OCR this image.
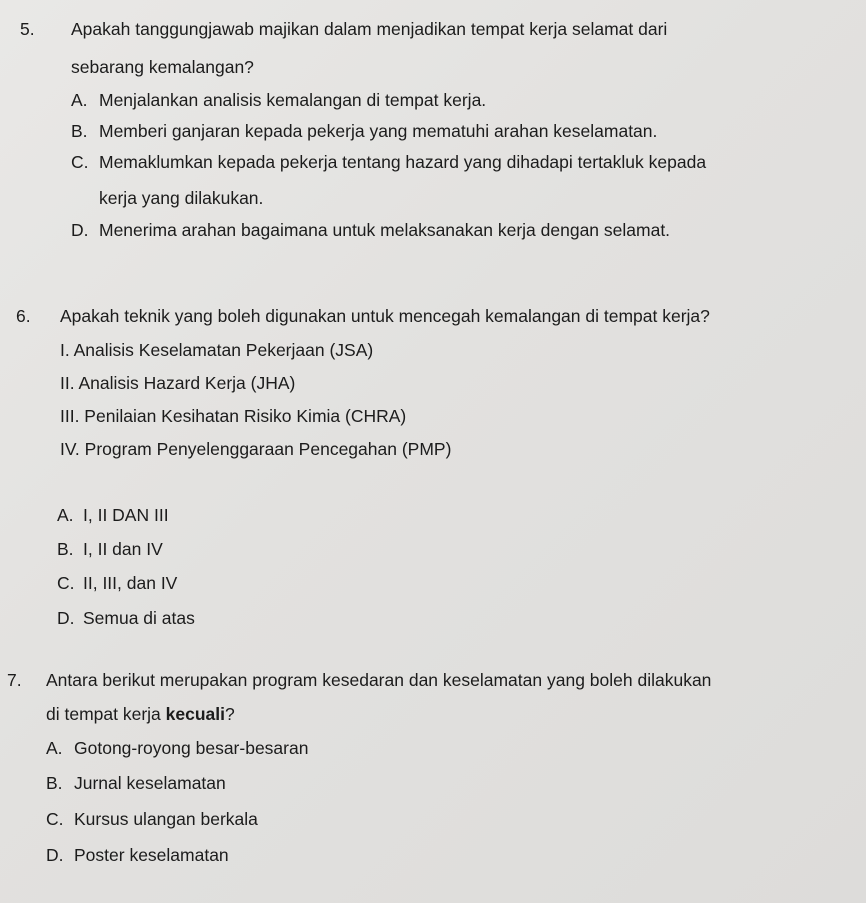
5. Apakah tanggungjawab majikan dalam menjadikan tempat kerja selamat dari
sebarang kemalangan?
A. Menjalankan analisis kemalangan di tempat kerja.
B. Memberi ganjaran kepada pekerja yang mematuhi arahan keselamatan.
C. Memaklumkan kepada pekerja tentang hazard yang dihadapi tertakluk kepada
kerja yang dilakukan.
D. Menerima arahan bagaimana untuk melaksanakan kerja dengan selamat.
6. Apakah teknik yang boleh digunakan untuk mencegah kemalangan di tempat kerja?
I. Analisis Keselamatan Pekerjaan (JSA)
II. Analisis Hazard Kerja (JHA)
III. Penilaian Kesihatan Risiko Kimia (CHRA)
IV. Program Penyelenggaraan Pencegahan (PMP)
A. I, II DAN III
B. I, II dan IV
C. II, III, dan IV
D. Semua di atas
7. Antara berikut merupakan program kesedaran dan keselamatan yang boleh dilakukan
di tempat kerja kecuali?
A. Gotong-royong besar-besaran
B. Jurnal keselamatan
C. Kursus ulangan berkala
D. Poster keselamatan
